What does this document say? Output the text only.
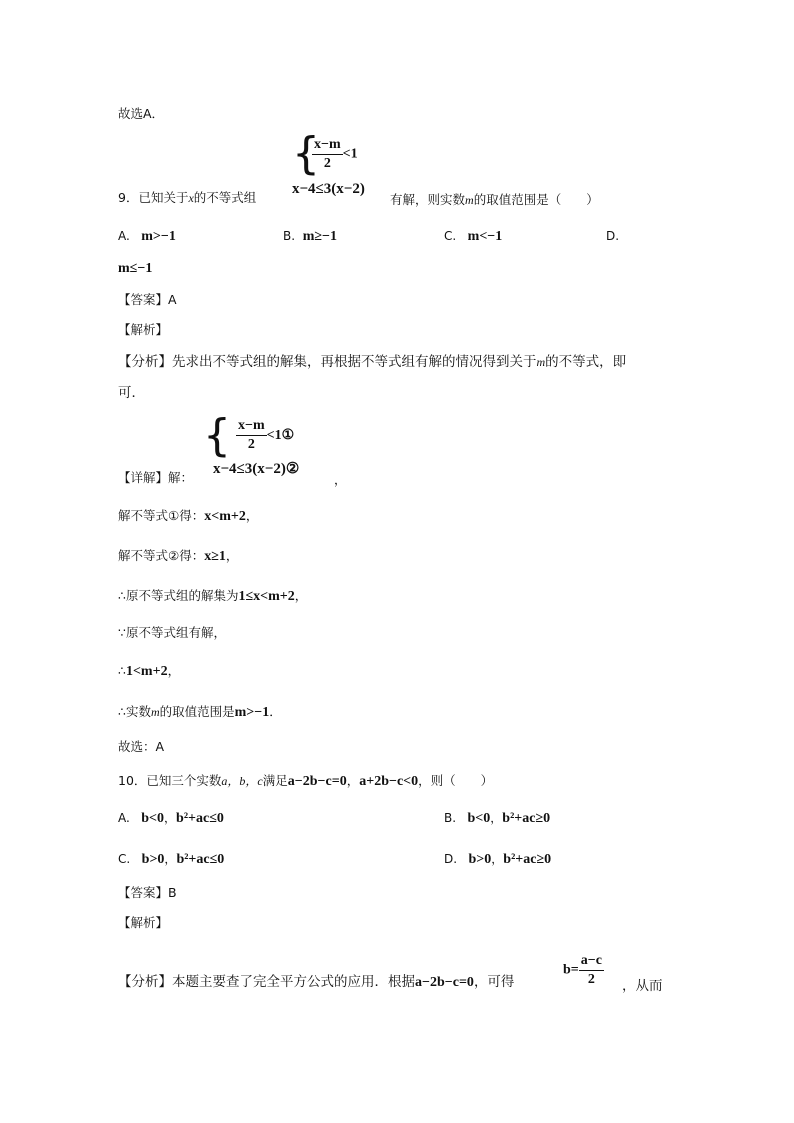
故选A．
{
$\frac{x-m}{2} <1$
x−4≤3(x−2)
9．已知关于x的不等式组	有解，则实数m的取值范围是（　　）
A. m>−1	B. m≥−1	C. m<−1	D.
m≤−1
【答案】A
【解析】
【分析】先求出不等式组的解集，再根据不等式组有解的情况得到关于m的不等式，即
可．
{ $\frac{x-m}{2}$ <1①
x−4≤3(x−2)②
【详解】解：	，
解不等式①得：x<m+2，
解不等式②得：x≥1，
∴原不等式组的解集为1≤x<m+2，
∵原不等式组有解，
∴1<m+2，
∴实数m的取值范围是m>−1．
故选：A
10．已知三个实数a，b，c满足a−2b−c=0，a+2b−c<0，则（　　）
A. b<0，b²+ac≤0	B. b<0，b²+ac≥0
C. b>0，b²+ac≤0	D. b>0，b²+ac≥0
【答案】B
【解析】
$b= \frac{a-c}{2}$
【分析】本题主要查了完全平方公式的应用．根据a−2b−c=0，可得	，从而
